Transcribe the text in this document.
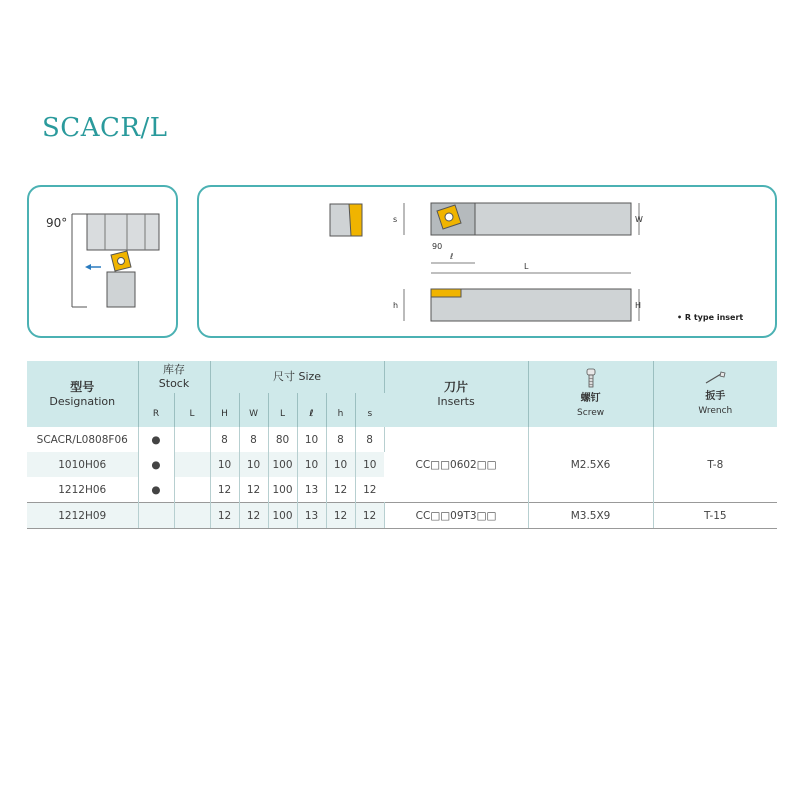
SCACR/L
90°	s	W
90
ℓ
L
h	H
• R type insert
型号
Designation	库存
Stock		尺寸 Size						刀片
Inserts	螺钉
Screw	扳手
Wrench

	R	L	H	W	L	ℓ	h	s			
SCACR/L0808F06	●		8	8	80	10	8	8	CC□□0602□□	M2.5X6	T-8
1010H06	●		10	10	100	10	10	10			
1212H06	●		12	12	100	13	12	12			
1212H09			12	12	100	13	12	12	CC□□09T3□□	M3.5X9	T-15
